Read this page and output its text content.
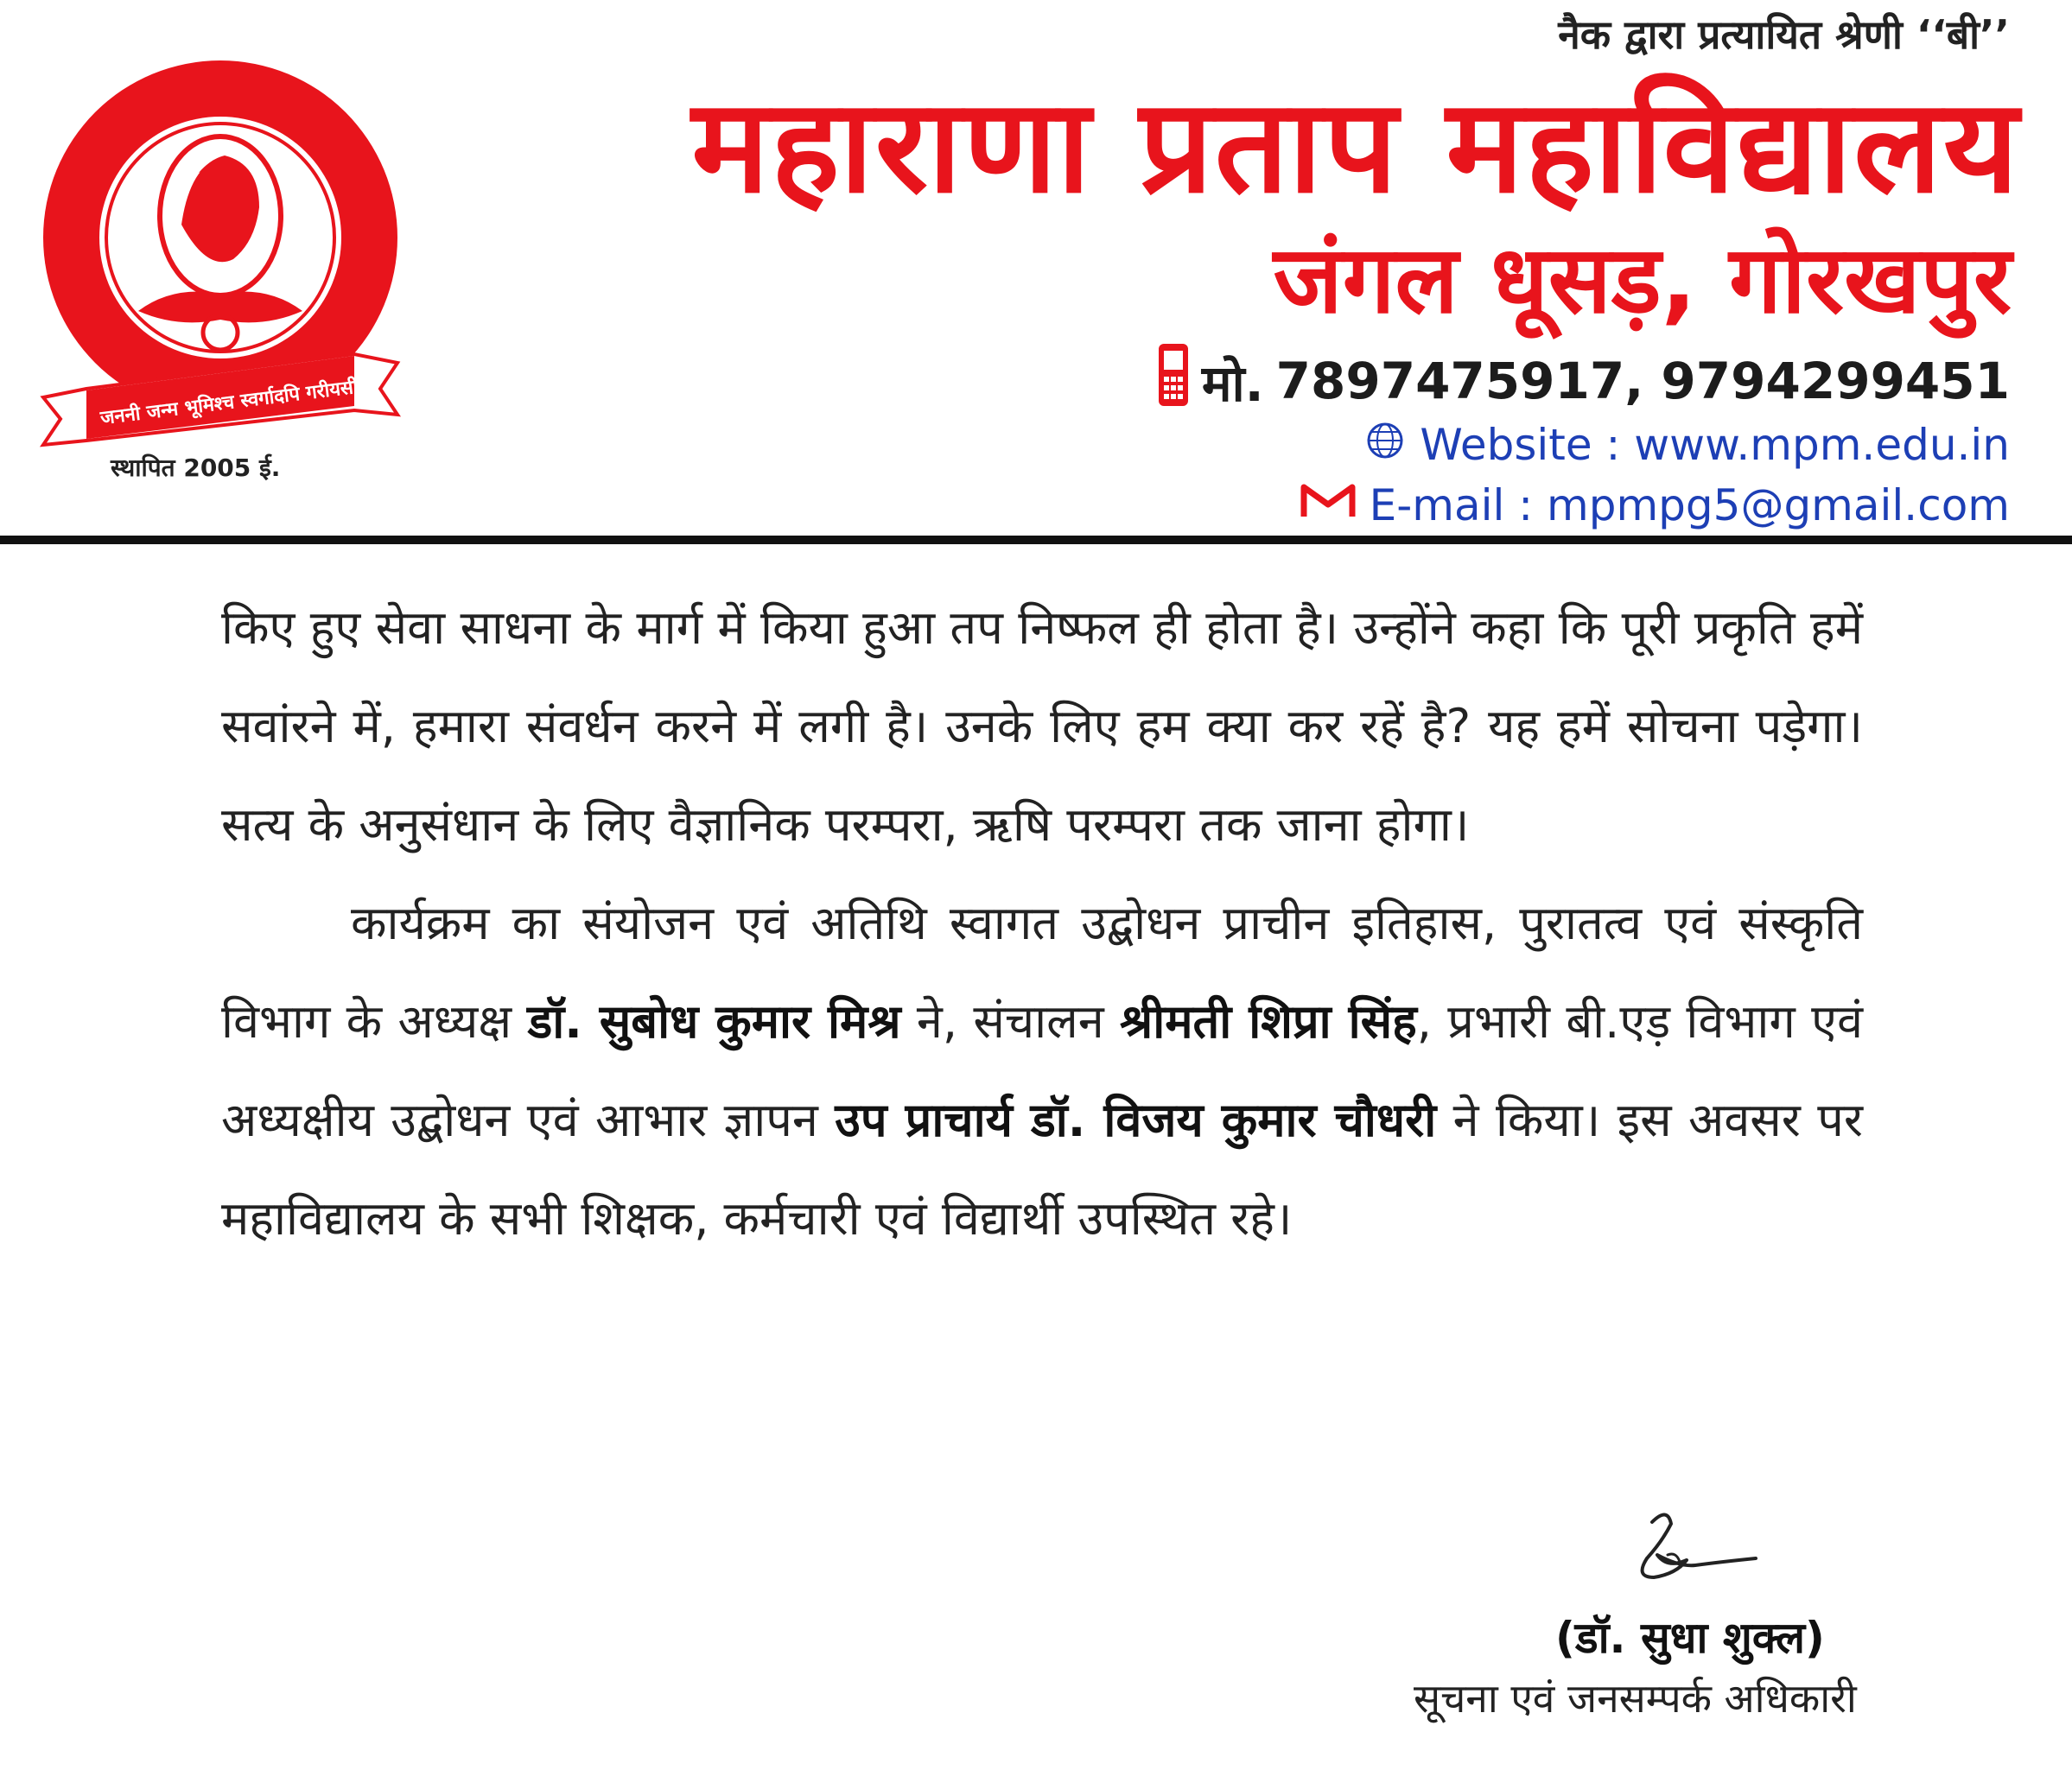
जननी जन्म भूमिश्च स्वर्गादपि गरीयसी
स्थापित 2005 ई.
नैक द्वारा प्रत्यायित श्रेणी ‘‘बी’’
महाराणा प्रताप महाविद्यालय
जंगल धूसड़, गोरखपुर
मो. 7897475917, 9794299451
Website : www.mpm.edu.in
E-mail : mpmpg5@gmail.com

किए हुए सेवा साधना के मार्ग में किया हुआ तप निष्फल ही होता है। उन्होंने कहा कि पूरी प्रकृति हमें सवांरने में, हमारा संवर्धन करने में लगी है। उनके लिए हम क्या कर रहें है? यह हमें सोचना पड़ेगा। सत्य के अनुसंधान के लिए वैज्ञानिक परम्परा, ऋषि परम्परा तक जाना होगा।

कार्यक्रम का संयोजन एवं अतिथि स्वागत उद्बोधन प्राचीन इतिहास, पुरातत्व एवं संस्कृति विभाग के अध्यक्ष डॉ. सुबोध कुमार मिश्र ने, संचालन श्रीमती शिप्रा सिंह, प्रभारी बी.एड़ विभाग एवं अध्यक्षीय उद्बोधन एवं आभार ज्ञापन उप प्राचार्य डॉ. विजय कुमार चौधरी ने किया। इस अवसर पर महाविद्यालय के सभी शिक्षक, कर्मचारी एवं विद्यार्थी उपस्थित रहे।

(डॉ. सुधा शुक्ल)
सूचना एवं जनसम्पर्क अधिकारी
